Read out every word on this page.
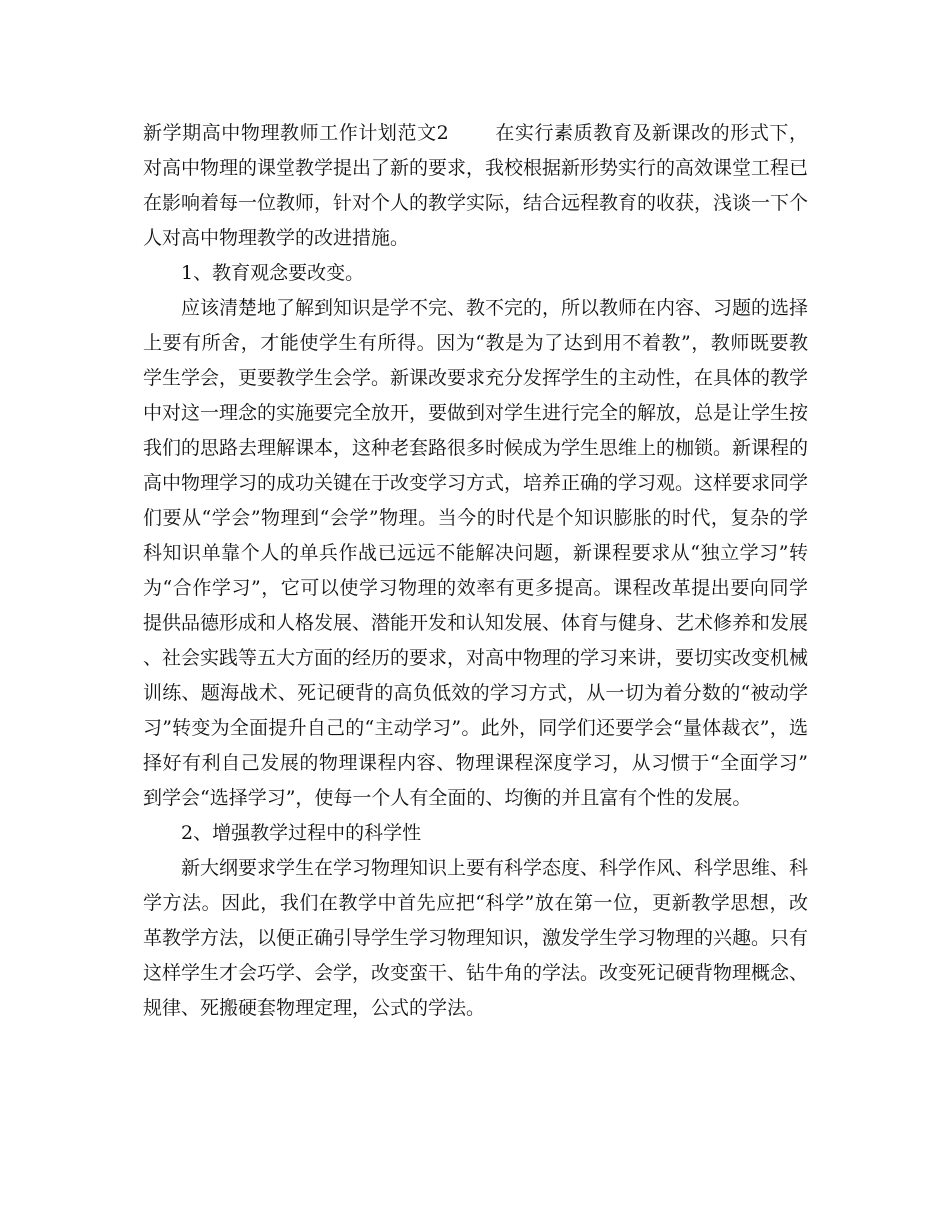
新学期高中物理教师工作计划范文2 在实行素质教育及新课改的形式下，对高中物理的课堂教学提出了新的要求，我校根据新形势实行的高效课堂工程已在影响着每一位教师，针对个人的教学实际，结合远程教育的收获，浅谈一下个人对高中物理教学的改进措施。

1、教育观念要改变。

应该清楚地了解到知识是学不完、教不完的，所以教师在内容、习题的选择上要有所舍，才能使学生有所得。因为“教是为了达到用不着教”，教师既要教学生学会，更要教学生会学。新课改要求充分发挥学生的主动性，在具体的教学中对这一理念的实施要完全放开，要做到对学生进行完全的解放，总是让学生按我们的思路去理解课本，这种老套路很多时候成为学生思维上的枷锁。新课程的高中物理学习的成功关键在于改变学习方式，培养正确的学习观。这样要求同学们要从“学会”物理到“会学”物理。当今的时代是个知识膨胀的时代，复杂的学科知识单靠个人的单兵作战已远远不能解决问题，新课程要求从“独立学习”转为“合作学习”，它可以使学习物理的效率有更多提高。课程改革提出要向同学提供品德形成和人格发展、潜能开发和认知发展、体育与健身、艺术修养和发展、社会实践等五大方面的经历的要求，对高中物理的学习来讲，要切实改变机械训练、题海战术、死记硬背的高负低效的学习方式，从一切为着分数的“被动学习”转变为全面提升自己的“主动学习”。此外，同学们还要学会“量体裁衣”，选择好有利自己发展的物理课程内容、物理课程深度学习，从习惯于“全面学习”到学会“选择学习”，使每一个人有全面的、均衡的并且富有个性的发展。

2、增强教学过程中的科学性

新大纲要求学生在学习物理知识上要有科学态度、科学作风、科学思维、科学方法。因此，我们在教学中首先应把“科学”放在第一位，更新教学思想，改革教学方法，以便正确引导学生学习物理知识，激发学生学习物理的兴趣。只有这样学生才会巧学、会学，改变蛮干、钻牛角的学法。改变死记硬背物理概念、规律、死搬硬套物理定理，公式的学法。
